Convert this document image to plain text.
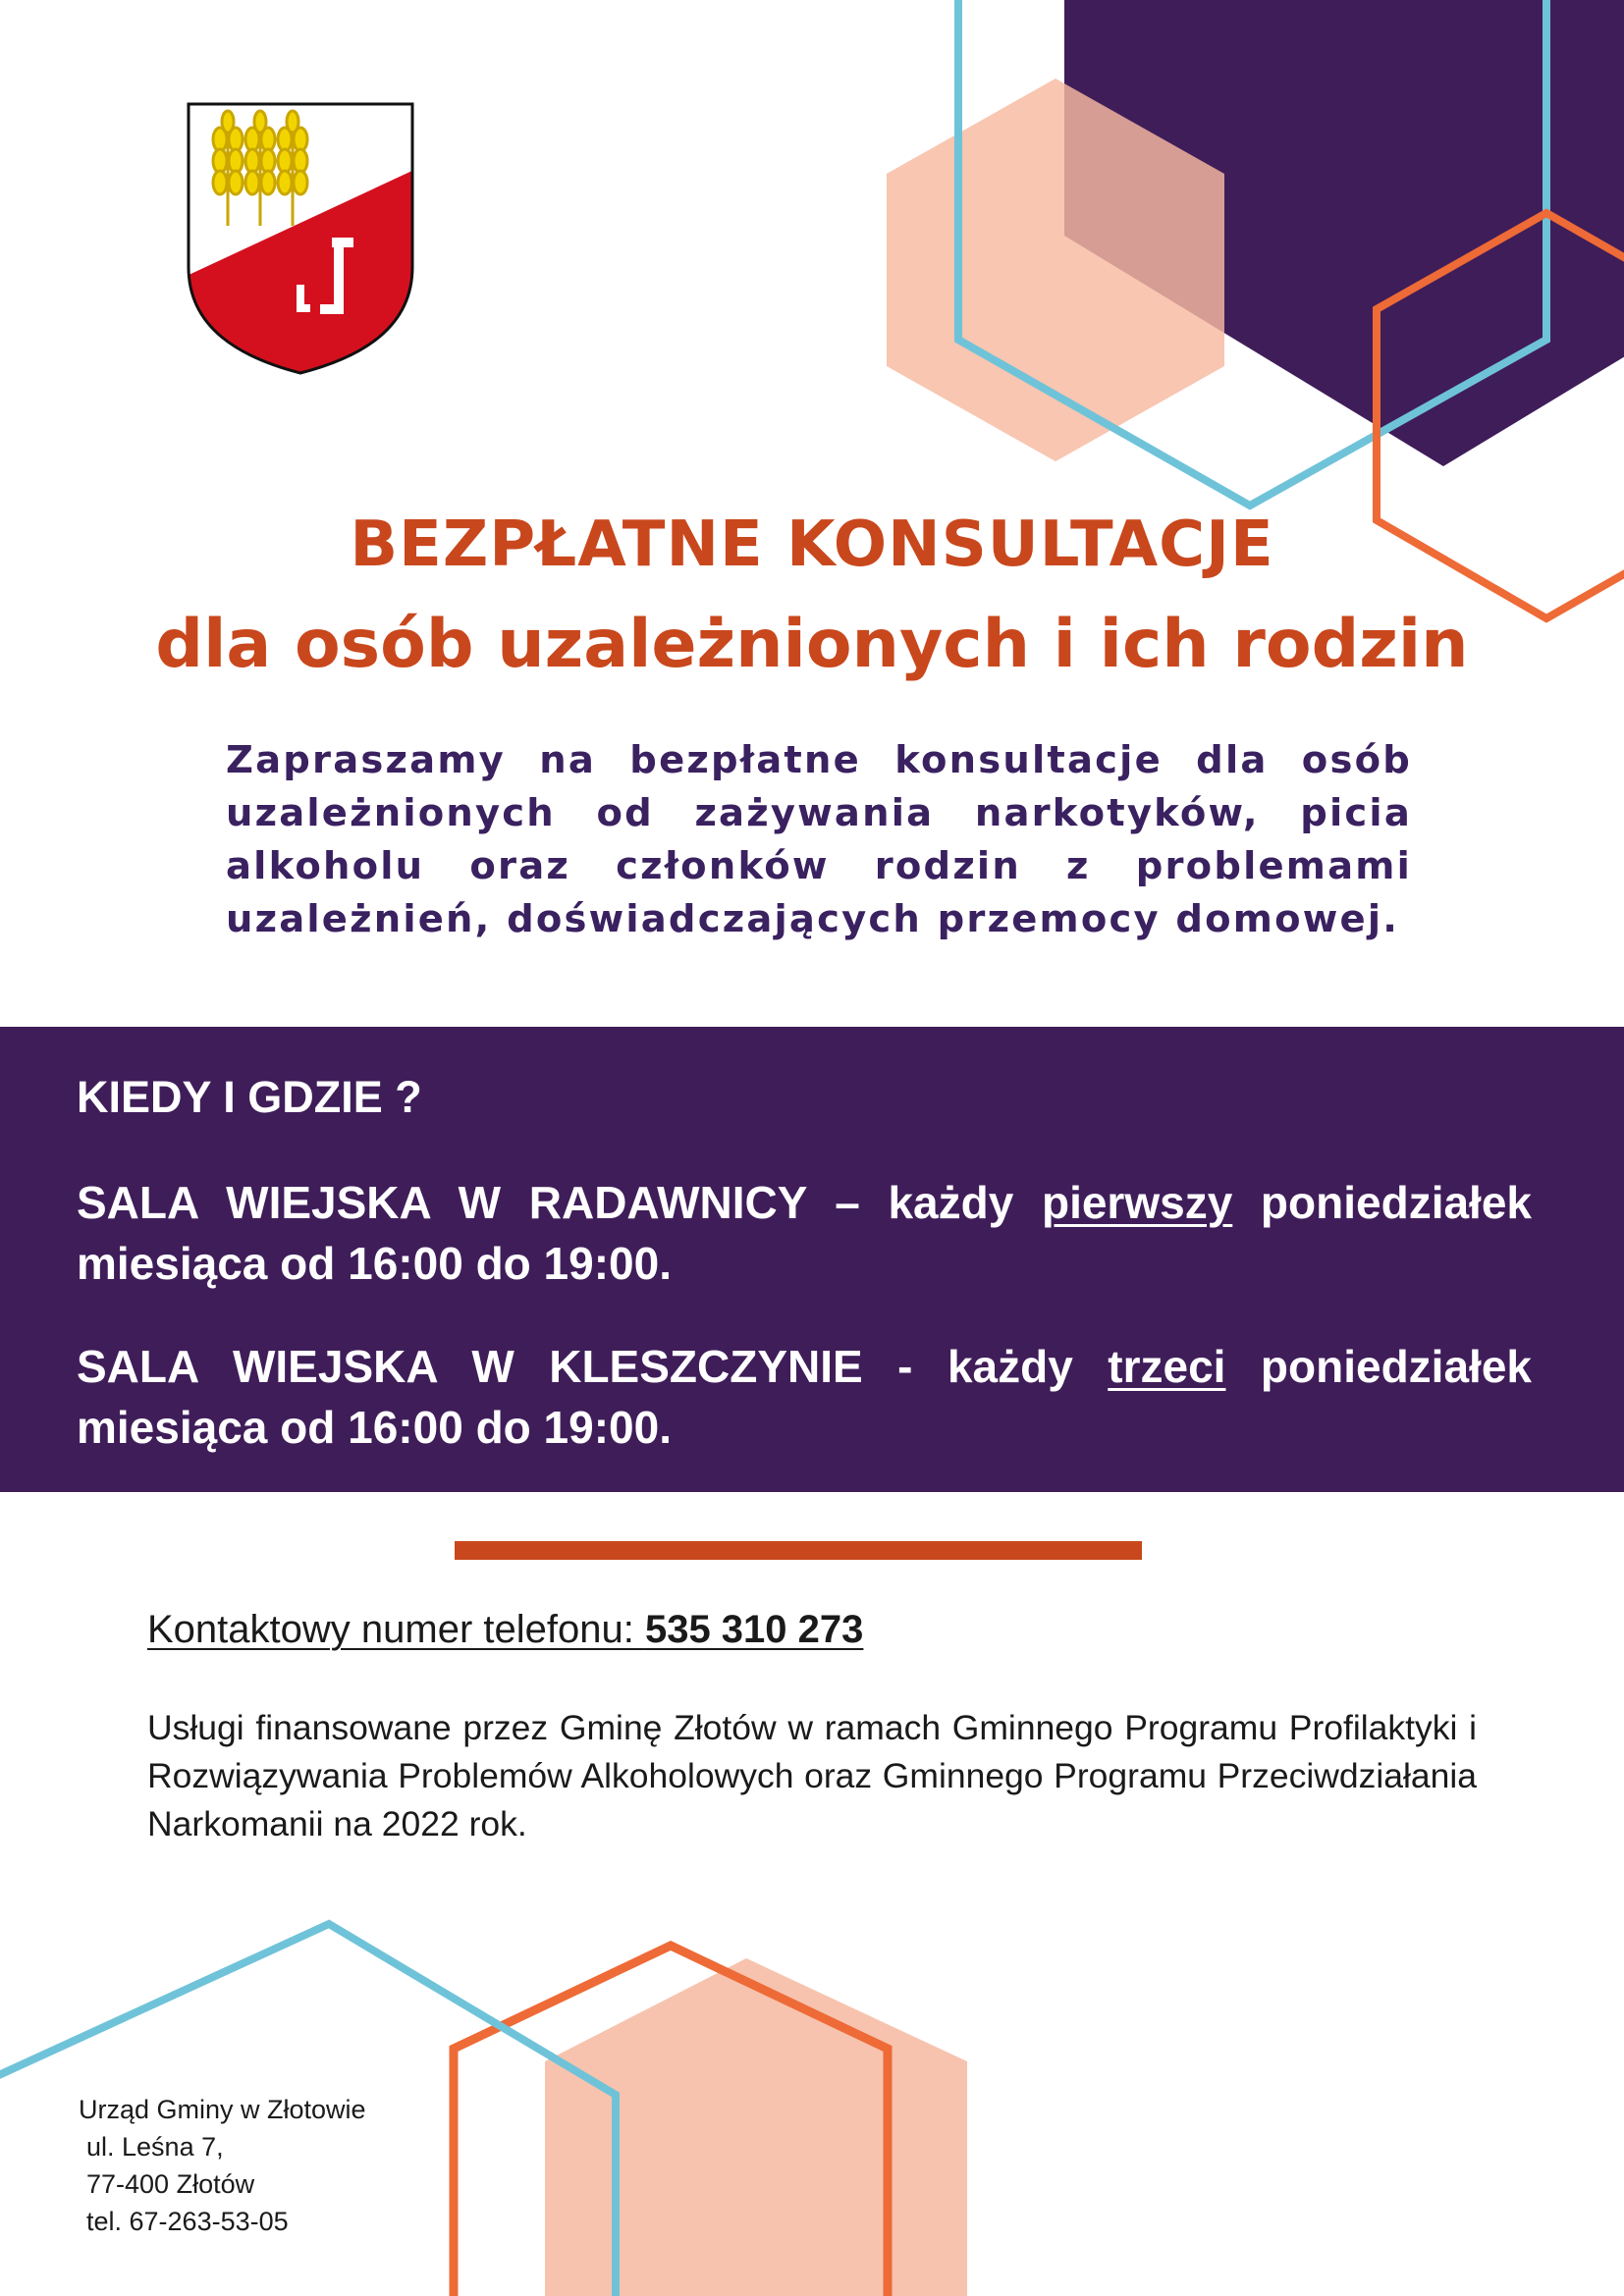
BEZPŁATNE KONSULTACJE
dla osób uzależnionych i ich rodzin

Zapraszamy na bezpłatne konsultacje dla osób uzależnionych od zażywania narkotyków, picia alkoholu oraz członków rodzin z problemami uzależnień, doświadczających przemocy domowej.

KIEDY I GDZIE ?

SALA WIEJSKA W RADAWNICY – każdy pierwszy poniedziałek miesiąca od 16:00 do 19:00.

SALA WIEJSKA W KLESZCZYNIE - każdy trzeci poniedziałek miesiąca od 16:00 do 19:00.

Kontaktowy numer telefonu: 535 310 273

Usługi finansowane przez Gminę Złotów w ramach Gminnego Programu Profilaktyki i Rozwiązywania Problemów Alkoholowych oraz Gminnego Programu Przeciwdziałania Narkomanii na 2022 rok.

Urząd Gminy w Złotowie
ul. Leśna 7,
77-400 Złotów
tel. 67-263-53-05
